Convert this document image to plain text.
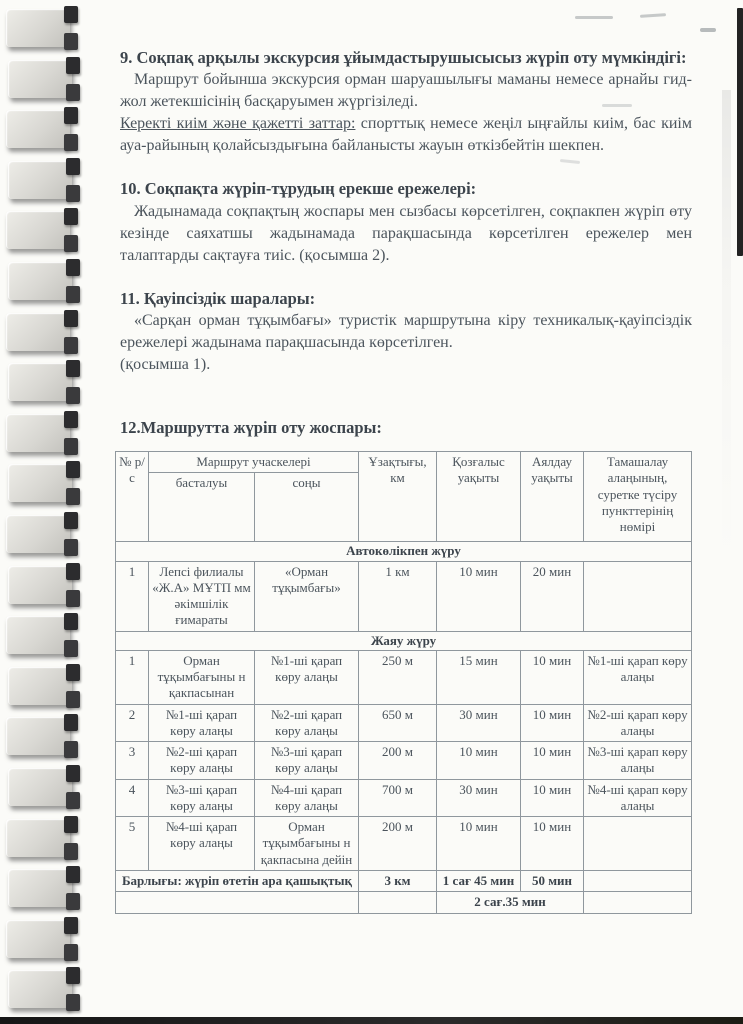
9. Соқпақ арқылы экскурсия ұйымдастырушысысыз жүріп оту мүмкіндігі:

Маршрут бойынша экскурсия орман шаруашылығы маманы немесе арнайы гид-жол жетекшісінің басқаруымен жүргізіледі.

Керекті киім және қажетті заттар: спорттық немесе жеңіл ыңғайлы киім, бас киім ауа-райының қолайсыздығына байланысты жауын өткізбейтін шекпен.

10. Соқпақта жүріп-тұрудың ерекше ережелері:

Жадынамада соқпақтың жоспары мен сызбасы көрсетілген, соқпакпен жүріп өту кезінде саяхатшы жадынамада парақшасында көрсетілген ережелер мен талаптарды сақтауға тиіс. (қосымша 2).

11. Қауіпсіздік шаралары:

«Сарқан орман тұқымбағы» туристік маршрутына кіру техникалық-қауіпсіздік ережелері жадынама парақшасында көрсетілген.

(қосымша 1).

12.Маршрутта жүріп оту жоспары:
№ р/с	Маршрут учаскелері		Ұзақтығы, км	Қозғалыс уақыты	Аялдау уақыты	Тамашалау алаңының, суретке түсіру пункттерінің нөмірі
	басталуы	соңы				
Автокөлікпен жүру						
1	Лепсі филиалы «Ж.А» МҰТП мм әкімшілік ғимараты	«Орман тұқымбағы»	1 км	10 мин	20 мин	
Жаяу жүру						
1	Орман тұқымбағыны н қакпасынан	№1-ші қарап көру алаңы	250 м	15 мин	10 мин	№1-ші қарап көру алаңы
2	№1-ші қарап көру алаңы	№2-ші қарап көру алаңы	650 м	30 мин	10 мин	№2-ші қарап көру алаңы
3	№2-ші қарап көру алаңы	№3-ші қарап көру алаңы	200 м	10 мин	10 мин	№3-ші қарап көру алаңы
4	№3-ші қарап көру алаңы	№4-ші қарап көру алаңы	700 м	30 мин	10 мин	№4-ші қарап көру алаңы
5	№4-ші қарап көру алаңы	Орман тұқымбағыны н қакпасына дейін	200 м	10 мин	10 мин	
Барлығы: жүріп өтетін ара қашықтық			3 км	1 сағ 45 мин	50 мин	
				2 сағ.35 мин		
